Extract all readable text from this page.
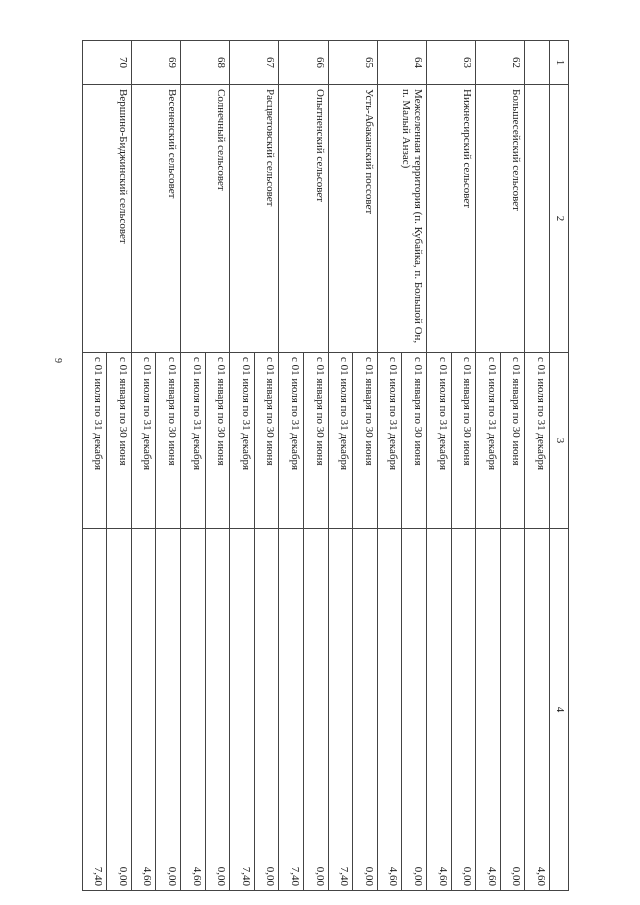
9
1	2	3	4
		с 01 июля по 31 декабря	4,60
62	Большесейский сельсовет	с 01 января по 30 июня	0,00
		с 01 июля по 31 декабря	4,60
63	Нижнесирский сельсовет	с 01 января по 30 июня	0,00
		с 01 июля по 31 декабря	4,60
64	Межселенная территория (п. Кубайка, п. Большой Он, п. Малый Анзас)	с 01 января по 30 июня	0,00
		с 01 июля по 31 декабря	4,60
65	Усть-Абаканский поссовет	с 01 января по 30 июня	0,00
		с 01 июля по 31 декабря	7,40
66	Опытненский сельсовет	с 01 января по 30 июня	0,00
		с 01 июля по 31 декабря	7,40
67	Расцветовский сельсовет	с 01 января по 30 июня	0,00
		с 01 июля по 31 декабря	7,40
68	Солнечный сельсовет	с 01 января по 30 июня	0,00
		с 01 июля по 31 декабря	4,60
69	Весененский сельсовет	с 01 января по 30 июня	0,00
		с 01 июля по 31 декабря	4,60
70	Вершино-Биджинский сельсовет	с 01 января по 30 июня	0,00
		с 01 июля по 31 декабря	7,40
